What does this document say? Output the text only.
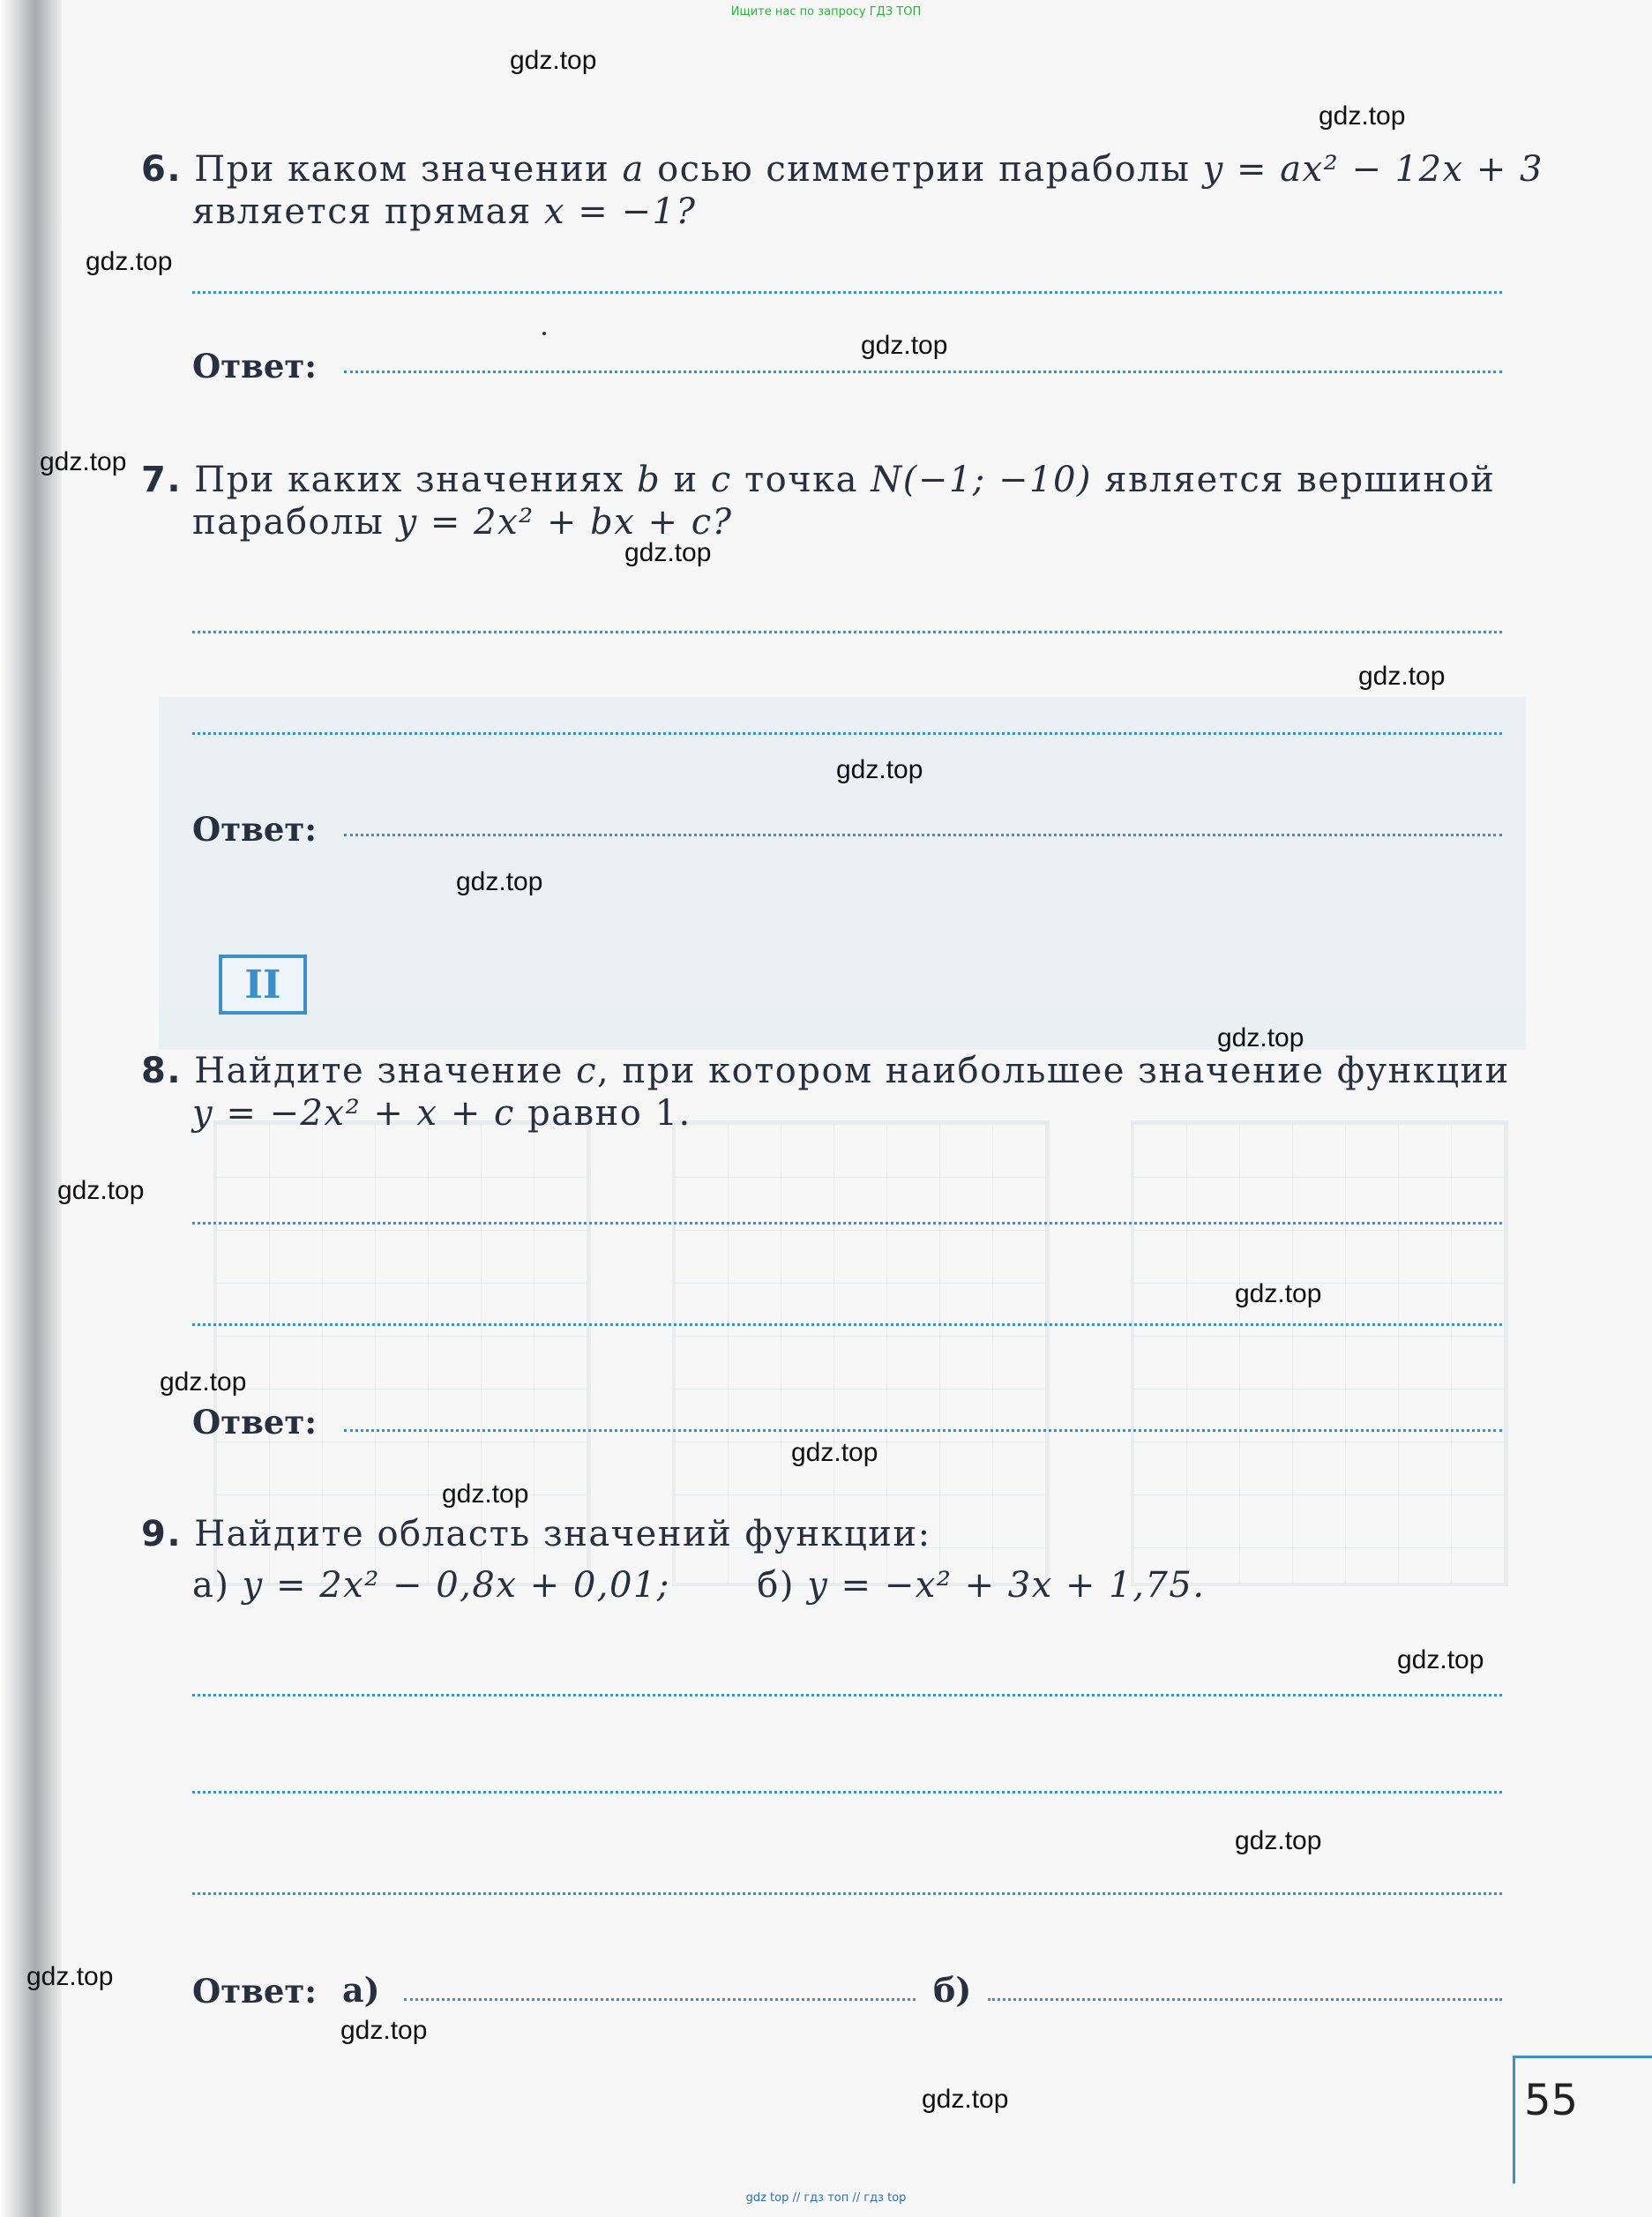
Ищите нас по запросу ГДЗ ТОП
6. При каком значении a осью симметрии параболы y = ax² − 12x + 3
является прямая x = −1?
Ответ:
7. При каких значениях b и c точка N(−1; −10) является вершиной
параболы y = 2x² + bx + c?
Ответ:
II
8. Найдите значение c, при котором наибольшее значение функции
y = −2x² + x + c равно 1.
Ответ:
9. Найдите область значений функции:
а) y = 2x² − 0,8x + 0,01; б) y = −x² + 3x + 1,75.
Ответ: а)	б)
55
gdz.top
gdz.top
gdz.top
gdz.top
gdz.top
gdz.top
gdz.top
gdz.top
gdz.top
gdz.top
gdz.top
gdz.top
gdz.top
gdz.top
gdz.top
gdz.top
gdz.top
gdz.top
gdz.top
gdz.top
gdz top // гдз топ // гдз top
